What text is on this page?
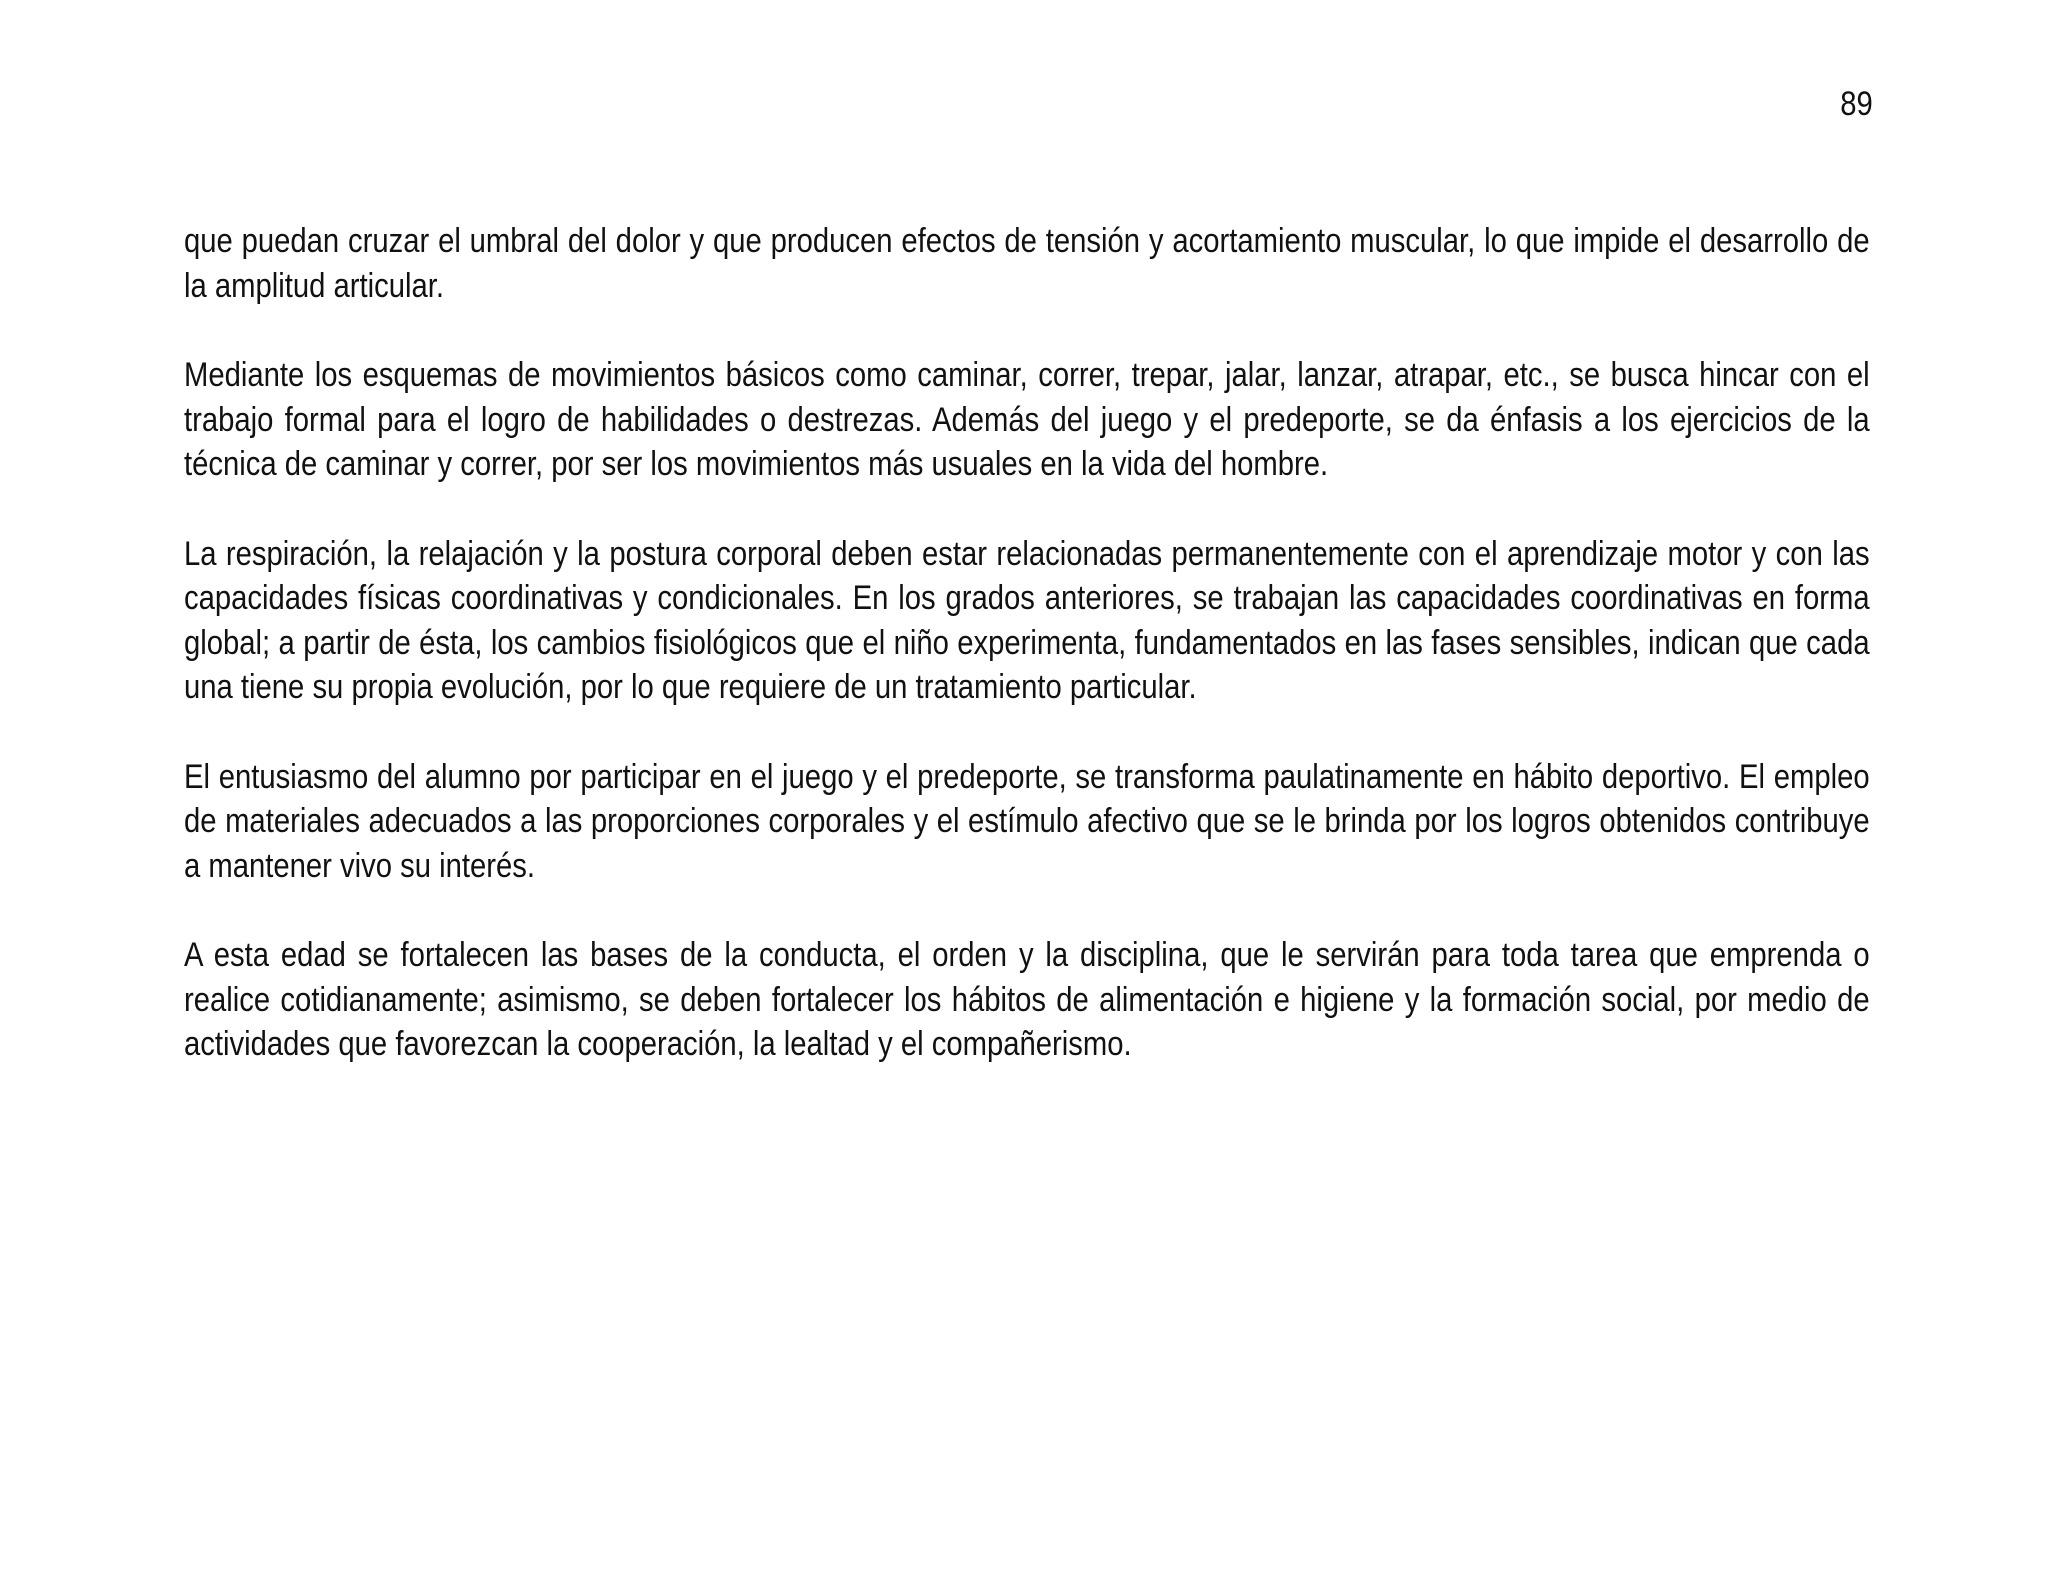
89

que puedan cruzar el umbral del dolor y que producen efectos de tensión y acortamiento muscular, lo que impide el desarrollo de la amplitud articular.

Mediante los esquemas de movimientos básicos como caminar, correr, trepar, jalar, lanzar, atrapar, etc., se busca hincar con el trabajo formal para el logro de habilidades o destrezas. Además del juego y el predeporte, se da énfasis a los ejercicios de la técnica de caminar y correr, por ser los movimientos más usuales en la vida del hombre.

La respiración, la relajación y la postura corporal deben estar relacionadas permanentemente con el aprendizaje motor y con las capacidades físicas coordinativas y condicionales. En los grados anteriores, se trabajan las capacidades coordinativas en forma global; a partir de ésta, los cambios fisiológicos que el niño experimenta, fundamentados en las fases sensibles, indican que cada una tiene su propia evolución, por lo que requiere de un tratamiento particular.

El entusiasmo del alumno por participar en el juego y el predeporte, se transforma paulatinamente en hábito deportivo. El empleo de materiales adecuados a las proporciones corporales y el estímulo afectivo que se le brinda por los logros obtenidos contribuye a mantener vivo su interés.

A esta edad se fortalecen las bases de la conducta, el orden y la disciplina, que le servirán para toda tarea que emprenda o realice cotidianamente; asimismo, se deben fortalecer los hábitos de alimentación e higiene y la formación social, por medio de actividades que favorezcan la cooperación, la lealtad y el compañerismo.
